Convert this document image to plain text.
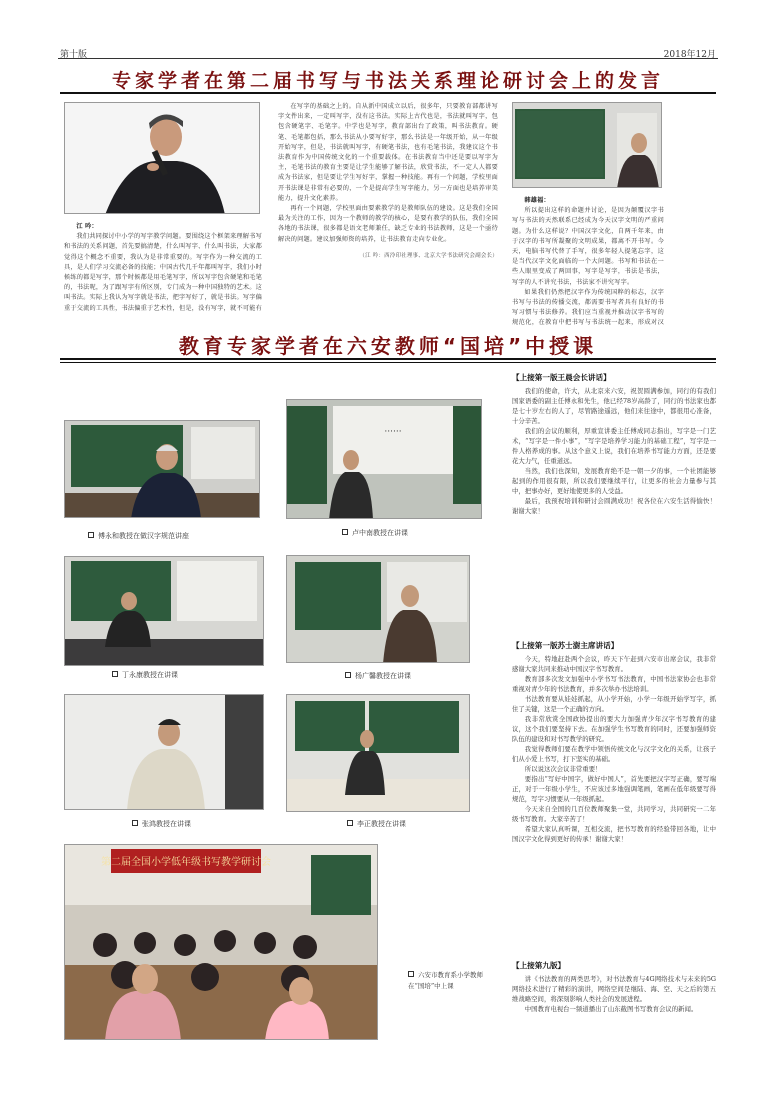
第十版	2018年12月
专家学者在第二届书写与书法关系理论研讨会上的发言

江 吟：

我们共同探讨中小学的写字教学问题。要围绕这个框架来理解书写和书法的关系问题，首先要搞清楚，什么叫写字、什么叫书法，大家都觉得这个概念不重要，我认为是非常重要的。写字作为一种交流的工具，是人们学习交流必备的技能；中国古代几千年都叫写字，我们小时候练的都是写字，那个时候都是用毛笔写字，所以写字包含硬笔和毛笔的，书法呢，为了跟写字有所区别，专门成为一种中国独特的艺术。这叫书法。实际上我认为写字就是书法，把字写好了，就是书法。写字偏重于交流的工具性，书法偏重于艺术性，但是，没有写字，就不可能有

在写字的基础之上的。自从新中国成立以后，很多年，只要教育部都讲写字文件出来，一定叫写字，没有这书法。实际上古代也是，书法就叫写字，包包含硬笔字、毛笔字。中学也是写字，教育部出台了政策，叫书法教育。硬笔、毛笔都包括，那么书法从小要写好字，那么书法是一年级开始，从一年级开始写字，但是，书法就叫写字，有硬笔书法，也有毛笔书法，我建议这个书法教育作为中国传统文化的一个重要载体。在书法教育当中还是要以写字为主，毛笔书法的教育主要是让学生能够了解书法，欣赏书法，不一定人人都要成为书法家，但是要让学生写好字，掌握一种技能。再有一个问题，学校里面开书法课是非常有必要的，一个是提高学生写字能力，另一方面也是培养审美能力，提升文化素养。

再有一个问题，学校里面由要素教学的是教师队伍的建设。这是我们全国最为关注的工作，因为一个教师的教学的核心，是要有教学的队伍，我们全国各地的书法课，很多都是语文老师兼任，缺乏专业的书法教师，这是一个亟待解决的问题。建议加强师资的培养，让书法教育走向专业化。

（江 吟：西泠印社理事、北京大学书法研究会副会长）

韩雄福：

所以提出这样的命题并讨论，是因为颠覆汉字书写与书法的天然联系已经成为今天汉字文明的严重问题。为什么这样说？中国汉字文化，自两千年来，由于汉字的书写所凝聚的文明成果，都离不开书写。今天，电脑书写代替了手写，很多年轻人提笔忘字，这是当代汉字文化面临的一个大问题。书写和书法在一些人眼里变成了两回事，写字是写字，书法是书法，写字的人不讲究书法，书法家不讲究写字。

如果我们仍然把汉字作为传统国粹的标志，汉字书写与书法的传播交流，都需要书写者具有良好的书写习惯与书法修养。我们应当重视并推动汉字书写的规范化，在教育中把书写与书法统一起来，形成对汉

教育专家学者在六安教师“国培”中授课
傅永和教授在做汉字规范讲座
······
卢中南教授在讲课
丁永康教授在讲课	杨广馨教授在讲课
张鸿教授在讲课	李正教授在讲课
第二届全国小学低年级书写教学研讨会
六安市教育系小学教师在“国培”中上课
【上接第一版王晨会长讲话】

我们的使命，许大，从北京来六安，祝贺圆满参加，同行的有我们国家语委的副主任傅永和先生，他已经78岁高龄了，同行的书法家也都是七十岁左右的人了，尽管路途遥远，他们来往途中，都很用心准备，十分辛苦。

我们的会议的顺利，厚重宣讲委主任傅成同志指出，写字是一门艺术，“写字是一件小事”，“写字是培养学习能力的基础工程”，写字是一件人格养成的事。从这个意义上说，我们在培养书写能力方面，还是要花大力气，任重道远。

当然，我们也深知，发展教育绝不是一朝一夕的事，一个社团能够起到的作用很有限，所以我们要继续平行，让更多的社会力量参与其中，把事办好，更好地使更多的人受益。

最后，我预祝培训和研讨会圆满成功！祝各位在六安生活得愉快！谢谢大家！

【上接第一版苏士澍主席讲话】

今天，特地赶赴两个会议，昨天下午赶到六安市出席会议，我非常感谢大家共同来推动中国汉字书写教育。

教育部多次发文加强中小学书写书法教育，中国书法家协会也非常重视对青少年的书法教育，并多次举办书法培训。

书法教育要从娃娃抓起，从小学开始，小学一年级开始学写字，抓住了关键，这是一个正确的方向。

我非常欣赏全国政协提出的要大力加强青少年汉字书写教育的建议，这个我们要坚持下去。在加强学生书写教育的同时，还要加强师资队伍的建设和对书写教学的研究。

我觉得教师们要在教学中领悟传统文化与汉字文化的关系，让孩子们从小爱上书写，打下坚实的基础。

所以说这次会议非常重要！

要指出“写好中国字，做好中国人”，首先要把汉字写正确，要写端正，对于一年级小学生，不应该过多地强调笔画，笔画在低年级要写得规范，写字习惯要从一年级抓起。

今天来自全国的几百位教师聚集一堂，共同学习，共同研究一二年级书写教育。大家辛苦了！

希望大家认真听课，互相交流，把书写教育的经验带回各地，让中国汉字文化得到更好的传承！谢谢大家！

【上接第九版】

讲《书法教育的两类思考》，对书法教育与4G网络技术与未来的5G网络技术进行了精彩的演讲，网络空间是继陆、海、空、天之后的第五维战略空间，将深刻影响人类社会的发展进程。

中国教育电视台一频道播出了山东截图书写教育会议的新闻。
